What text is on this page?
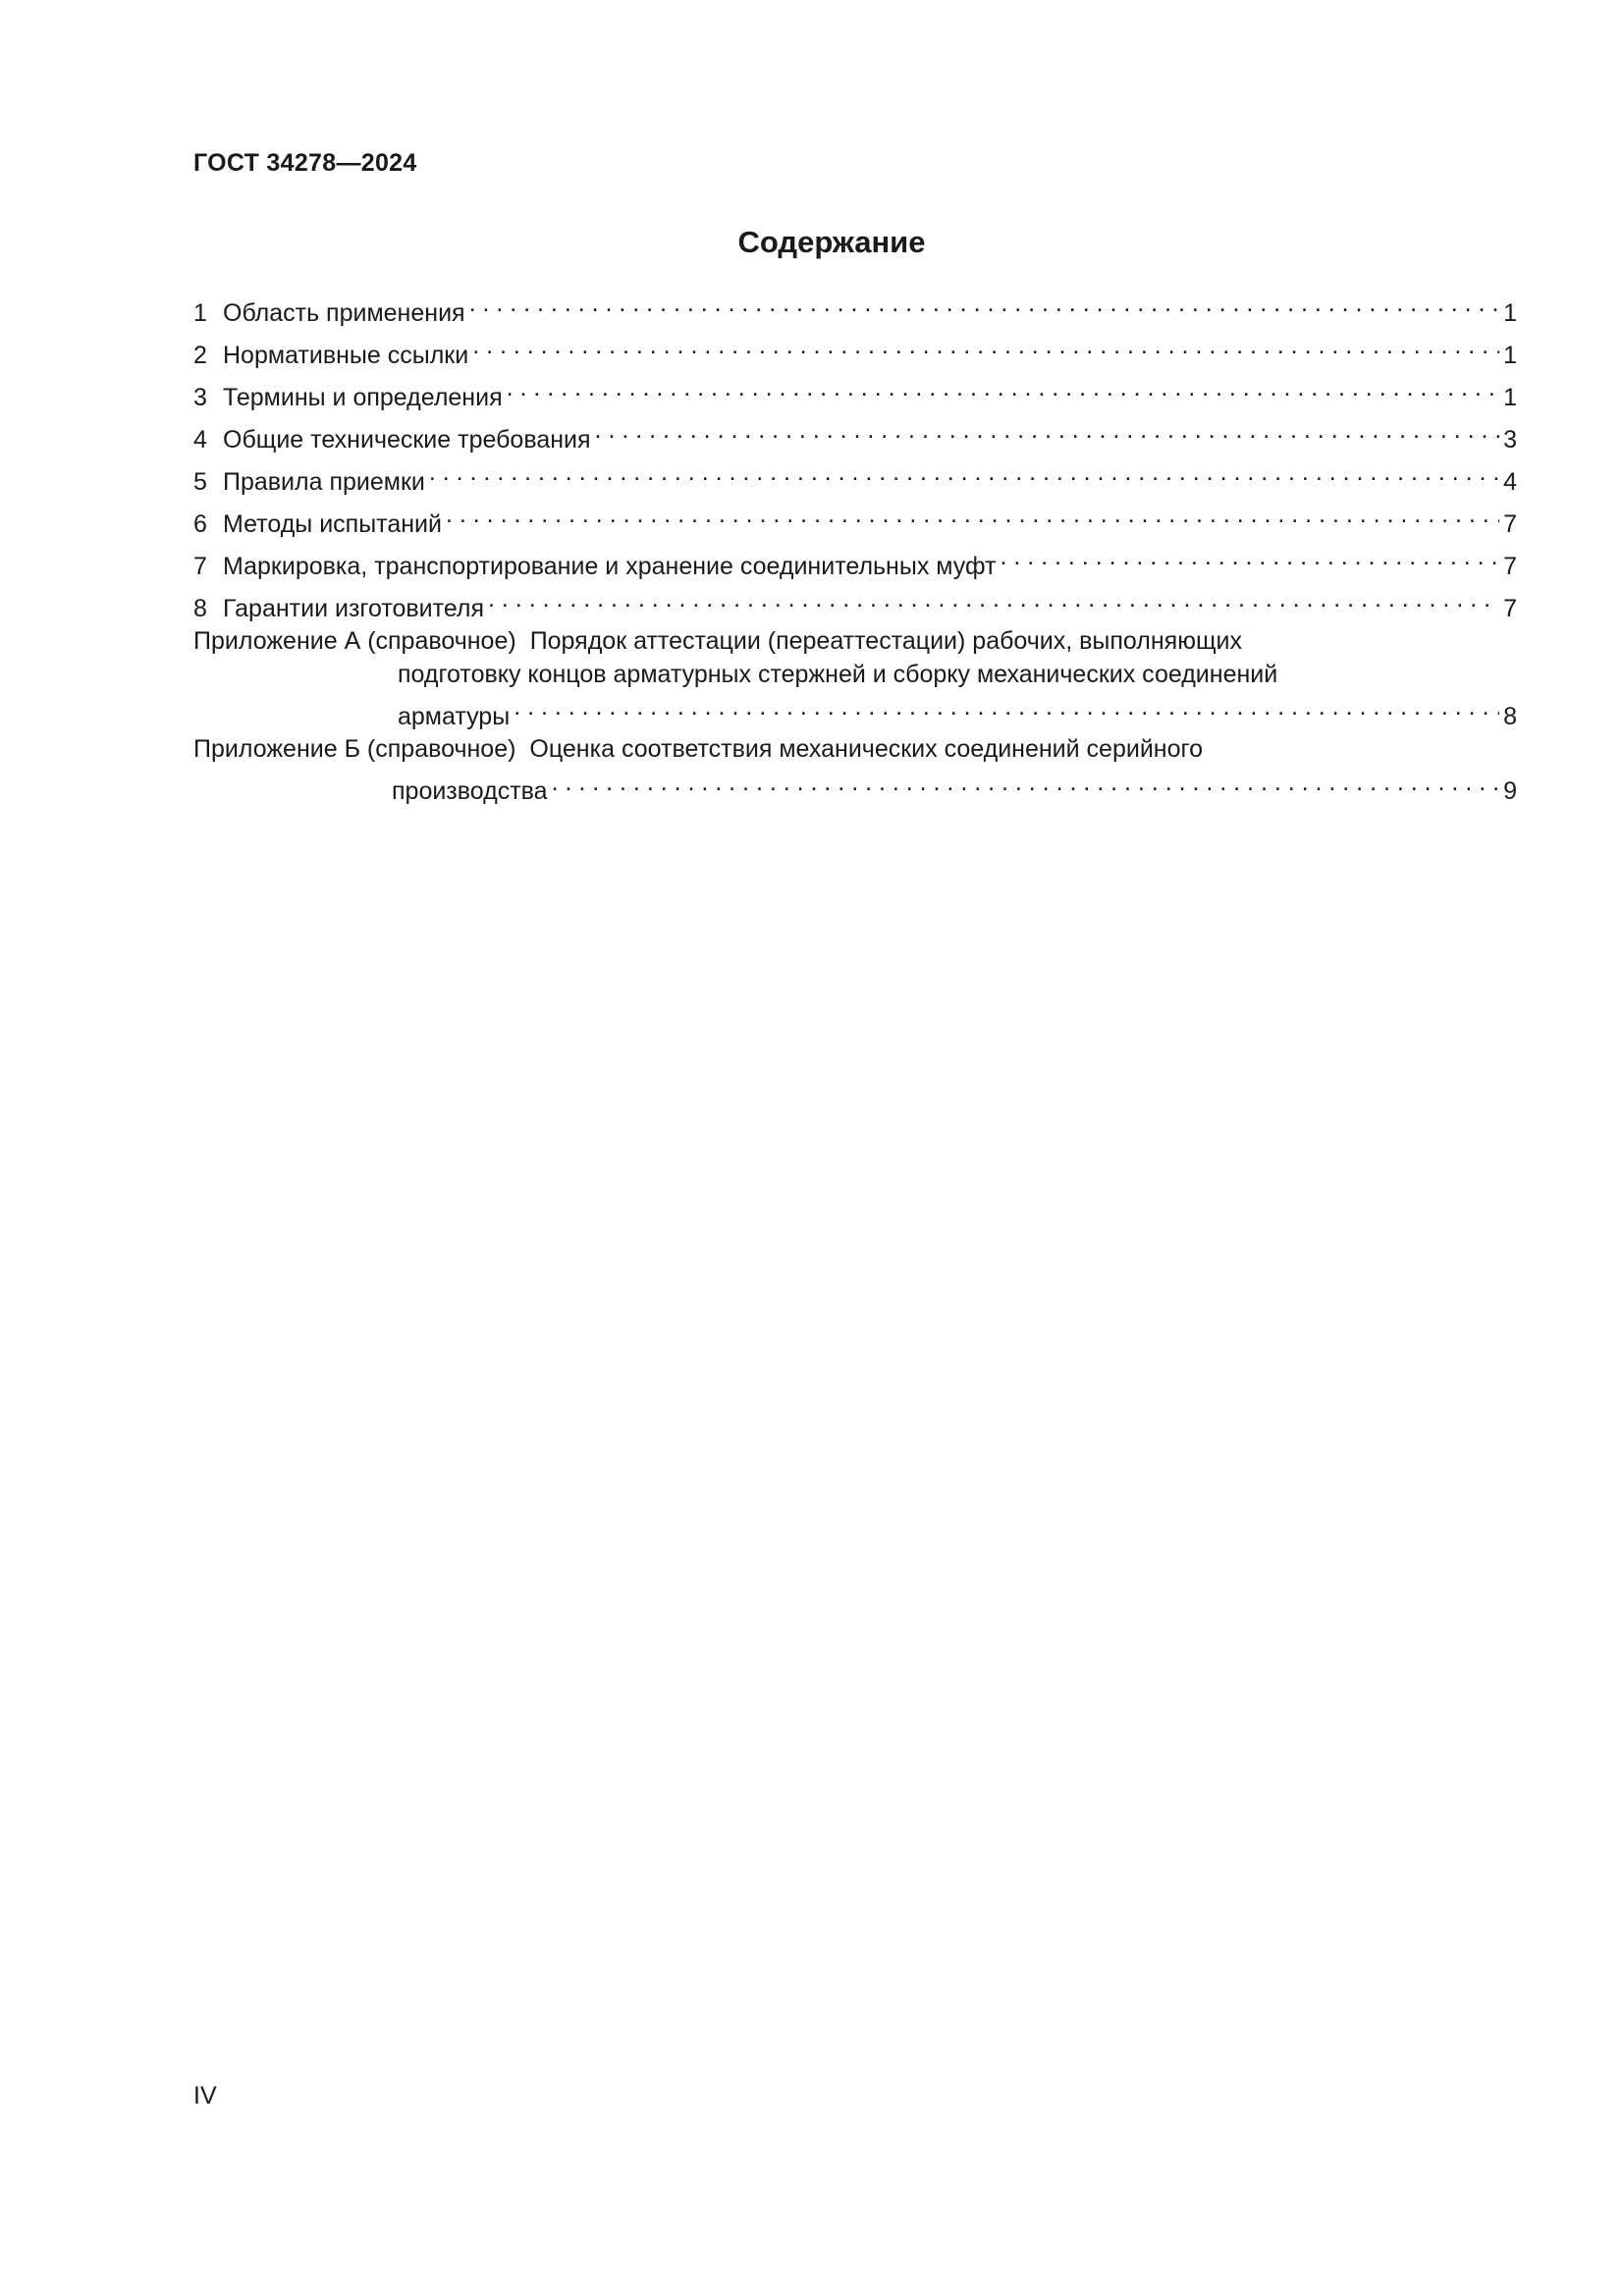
ГОСТ 34278—2024
Содержание
1 Область применения . . .	1
2 Нормативные ссылки . . .	1
3 Термины и определения . . .	1
4 Общие технические требования . . .	3
5 Правила приемки . . .	4
6 Методы испытаний . . .	7
7 Маркировка, транспортирование и хранение соединительных муфт . . .	7
8 Гарантии изготовителя . . .	7
Приложение А (справочное) Порядок аттестации (переаттестации) рабочих, выполняющих
подготовку концов арматурных стержней и сборку механических соединений
арматуры . . .	8
Приложение Б (справочное) Оценка соответствия механических соединений серийного
производства . . .	9
IV
